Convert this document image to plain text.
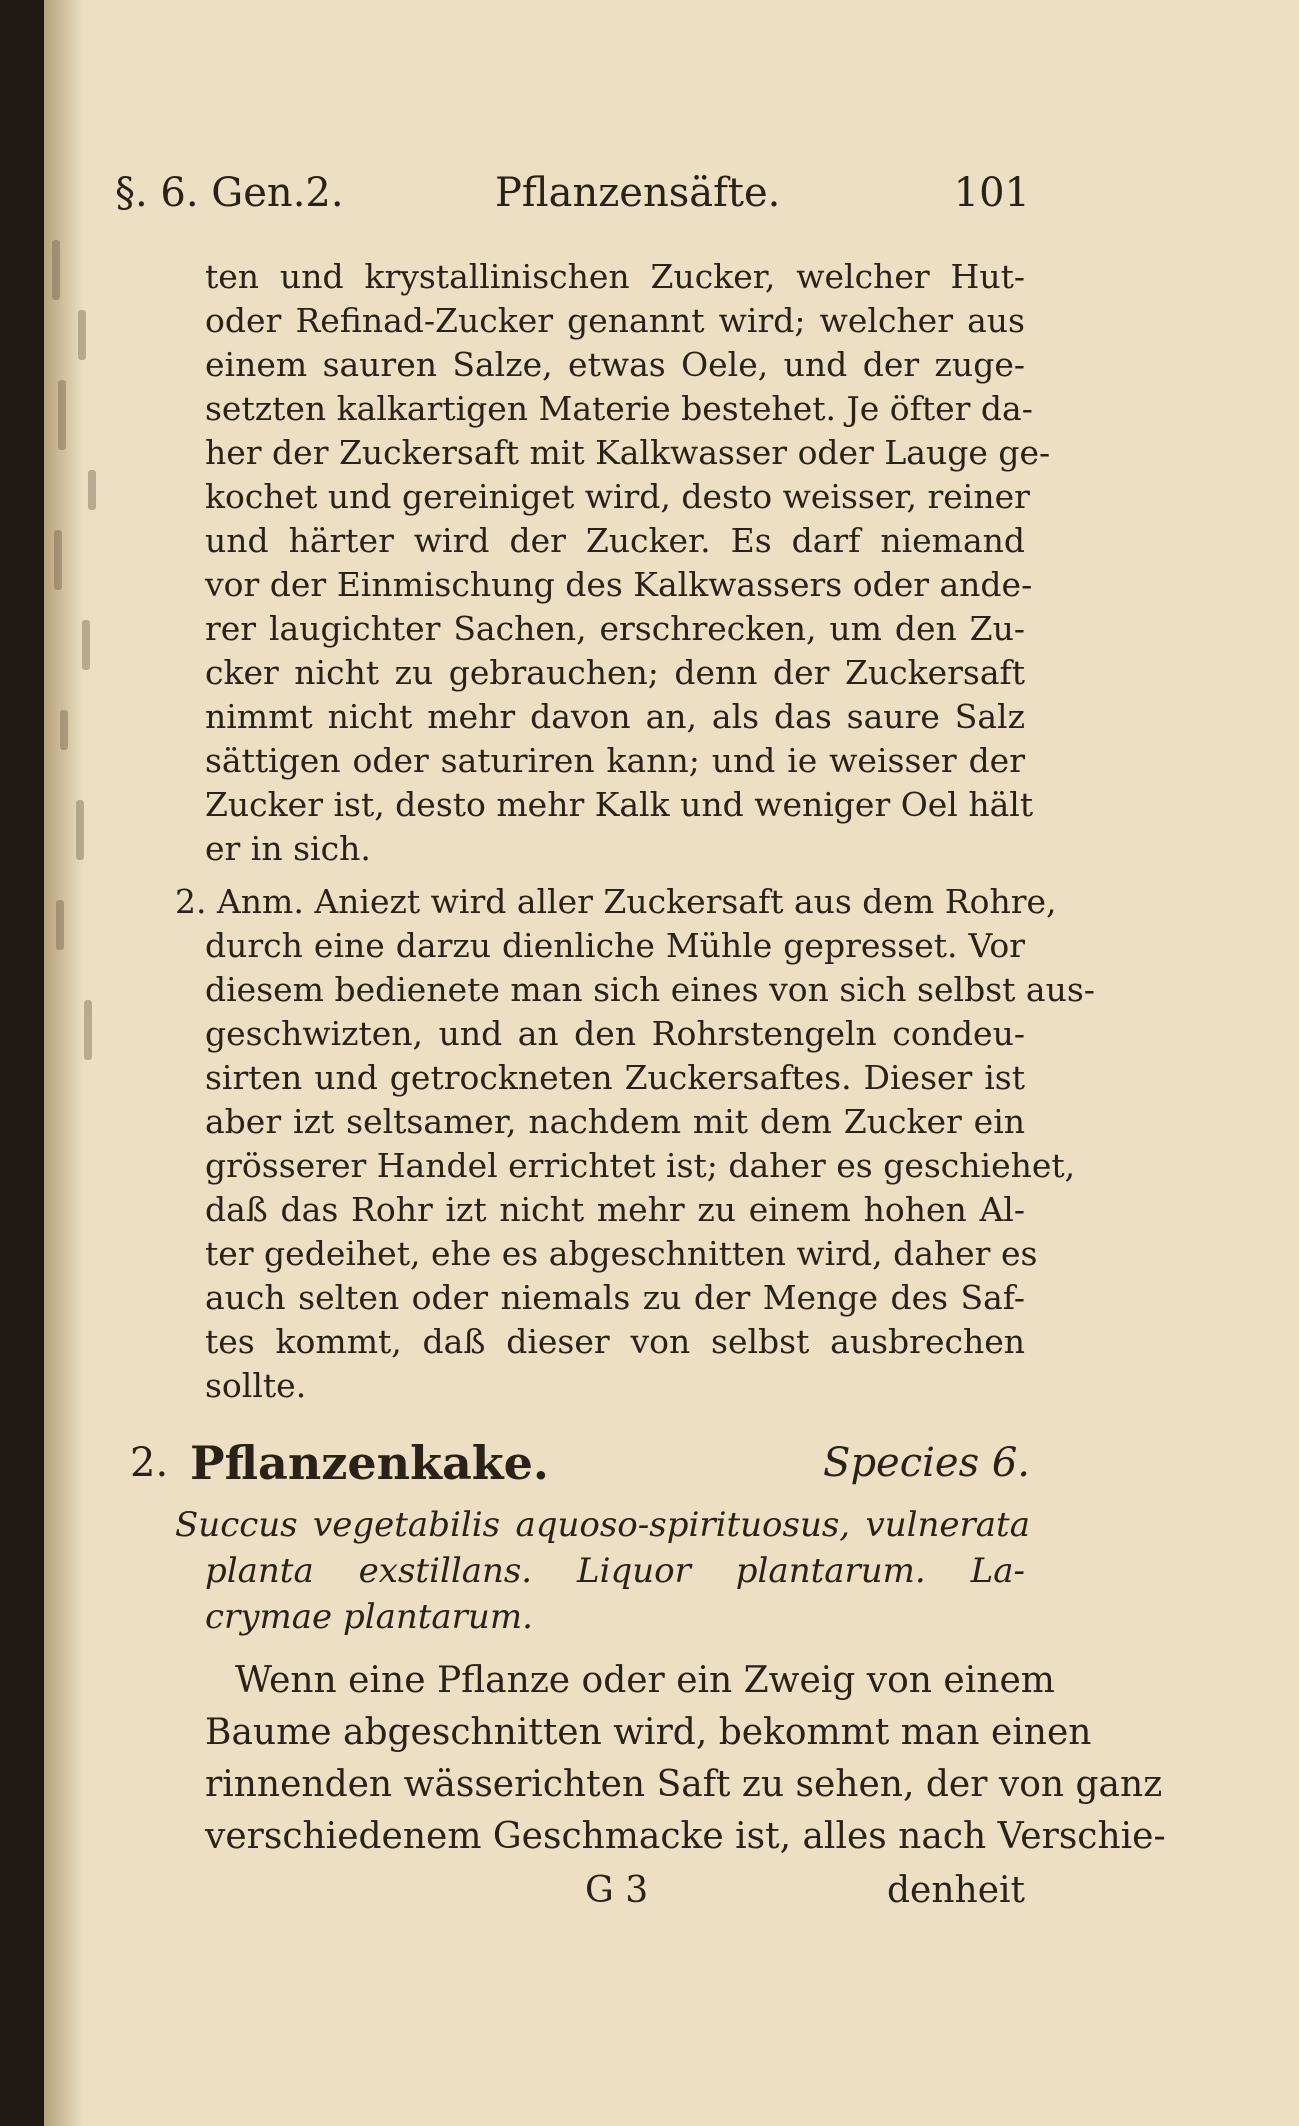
§. 6. Gen.2.	Pflanzensäfte.	101
ten und krystallinischen Zucker, welcher Hut-
oder Refinad-Zucker genannt wird; welcher aus
einem sauren Salze, etwas Oele, und der zuge-
setzten kalkartigen Materie bestehet. Je öfter da-
her der Zuckersaft mit Kalkwasser oder Lauge ge-
kochet und gereiniget wird, desto weisser, reiner
und härter wird der Zucker. Es darf niemand
vor der Einmischung des Kalkwassers oder ande-
rer laugichter Sachen, erschrecken, um den Zu-
cker nicht zu gebrauchen; denn der Zuckersaft
nimmt nicht mehr davon an, als das saure Salz
sättigen oder saturiren kann; und ie weisser der
Zucker ist, desto mehr Kalk und weniger Oel hält
er in sich.
2. Anm. Aniezt wird aller Zuckersaft aus dem Rohre,
durch eine darzu dienliche Mühle gepresset. Vor
diesem bedienete man sich eines von sich selbst aus-
geschwizten, und an den Rohrstengeln condeu-
sirten und getrockneten Zuckersaftes. Dieser ist
aber izt seltsamer, nachdem mit dem Zucker ein
grösserer Handel errichtet ist; daher es geschiehet,
daß das Rohr izt nicht mehr zu einem hohen Al-
ter gedeihet, ehe es abgeschnitten wird, daher es
auch selten oder niemals zu der Menge des Saf-
tes kommt, daß dieser von selbst ausbrechen
sollte.
2. Pflanzenkake.	Species 6.
Succus vegetabilis aquoso-spirituosus, vulnerata
planta exstillans. Liquor plantarum. La-
crymae plantarum.
Wenn eine Pflanze oder ein Zweig von einem
Baume abgeschnitten wird, bekommt man einen
rinnenden wässerichten Saft zu sehen, der von ganz
verschiedenem Geschmacke ist, alles nach Verschie-
G 3	denheit
